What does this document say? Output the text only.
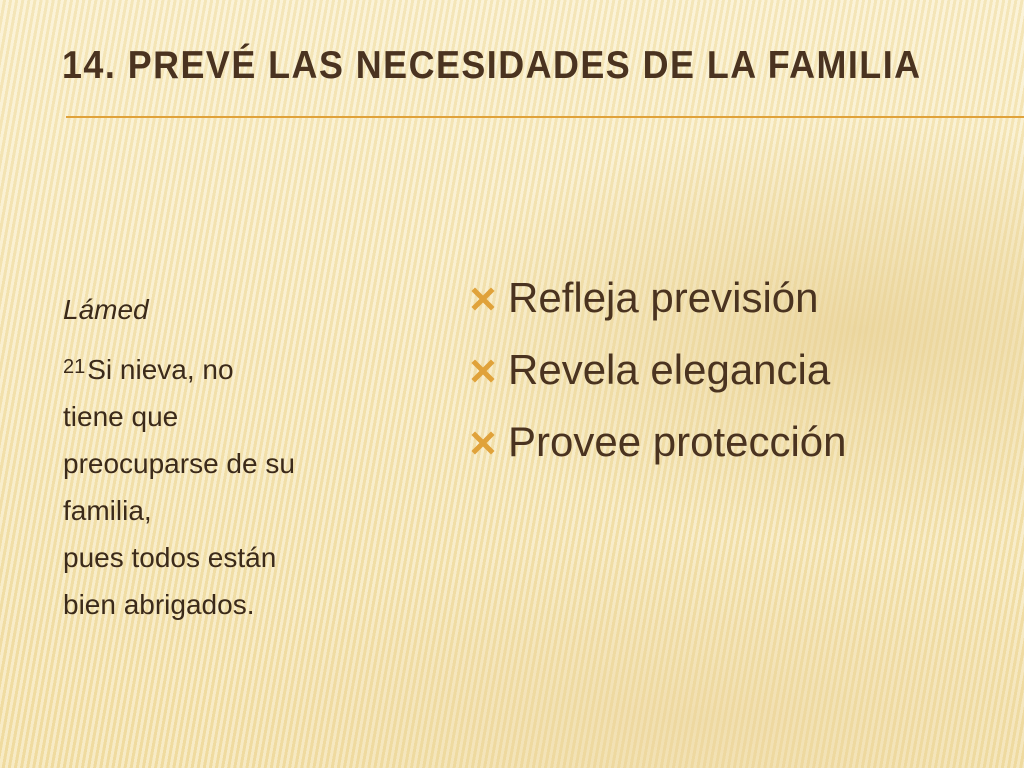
14. PREVÉ LAS NECESIDADES DE LA FAMILIA

Lámed

$^{21}$Si nieva, no
tiene que
preocuparse de su
familia,
pues todos están
bien abrigados.

Refleja previsión
Revela elegancia
Provee protección
